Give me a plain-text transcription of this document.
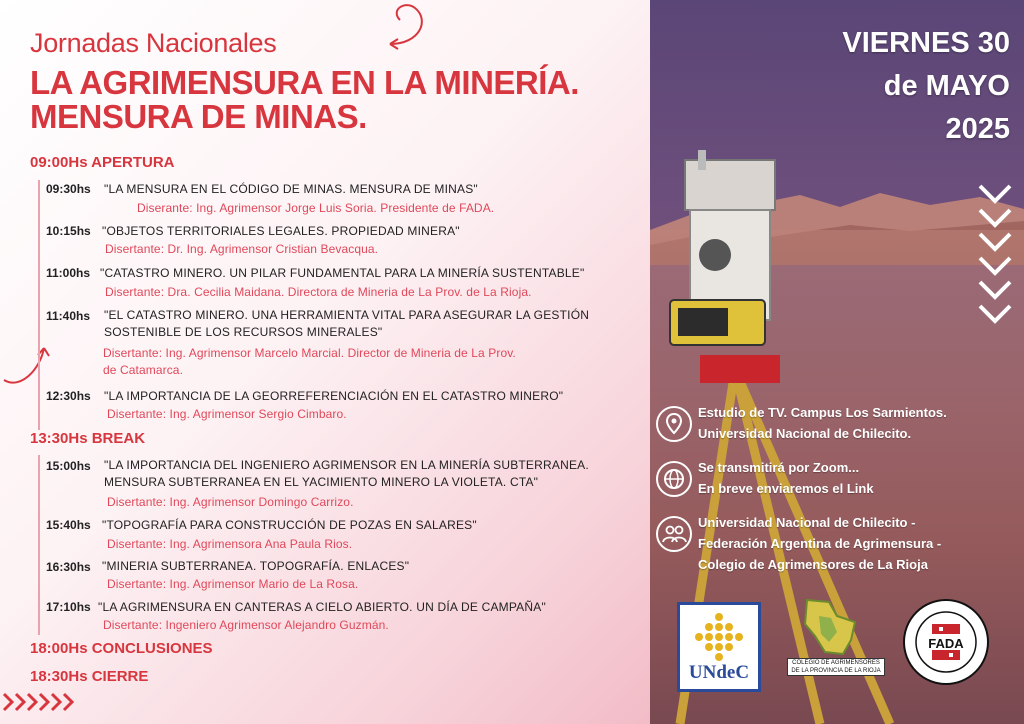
Jornadas Nacionales
LA AGRIMENSURA EN LA MINERÍA.
MENSURA DE MINAS.
09:00Hs APERTURA
09:30hs "LA MENSURA EN EL CÓDIGO DE MINAS. MENSURA DE MINAS"
Diserante: Ing. Agrimensor Jorge Luis Soria. Presidente de FADA.
10:15hs "OBJETOS TERRITORIALES LEGALES. PROPIEDAD MINERA"
Disertante: Dr. Ing. Agrimensor Cristian Bevacqua.
11:00hs "CATASTRO MINERO. UN PILAR FUNDAMENTAL PARA LA MINERÍA SUSTENTABLE"
Disertante: Dra. Cecilia Maidana. Directora de Mineria de La Prov. de La Rioja.
11:40hs "EL CATASTRO MINERO. UNA HERRAMIENTA VITAL PARA ASEGURAR LA GESTIÓN
SOSTENIBLE DE LOS RECURSOS MINERALES"
Disertante: Ing. Agrimensor Marcelo Marcial. Director de Mineria de La Prov.
de Catamarca.
12:30hs "LA IMPORTANCIA DE LA GEORREFERENCIACIÓN EN EL CATASTRO MINERO"
Disertante: Ing. Agrimensor Sergio Cimbaro.
13:30Hs BREAK
15:00hs "LA IMPORTANCIA DEL INGENIERO AGRIMENSOR EN LA MINERÍA SUBTERRANEA.
MENSURA SUBTERRANEA EN EL YACIMIENTO MINERO LA VIOLETA. CTA"
Disertante: Ing. Agrimensor Domingo Carrizo.
15:40hs "TOPOGRAFÍA PARA CONSTRUCCIÓN DE POZAS EN SALARES"
Disertante: Ing. Agrimensora Ana Paula Rios.
16:30hs "MINERIA SUBTERRANEA. TOPOGRAFÍA. ENLACES"
Disertante: Ing. Agrimensor Mario de La Rosa.
17:10hs "LA AGRIMENSURA EN CANTERAS A CIELO ABIERTO. UN DÍA DE CAMPAÑA"
Disertante: Ingeniero Agrimensor Alejandro Guzmán.
18:00Hs CONCLUSIONES
18:30Hs CIERRE
VIERNES 30
de MAYO
2025
Estudio de TV. Campus Los Sarmientos.
Universidad Nacional de Chilecito.
Se transmitirá por Zoom...
En breve enviaremos el Link
Universidad Nacional de Chilecito -
Federación Argentina de Agrimensura -
Colegio de Agrimensores de La Rioja
UNdeC	COLEGIO DE AGRIMENSORES
DE LA PROVINCIA DE LA RIOJA
FADA
